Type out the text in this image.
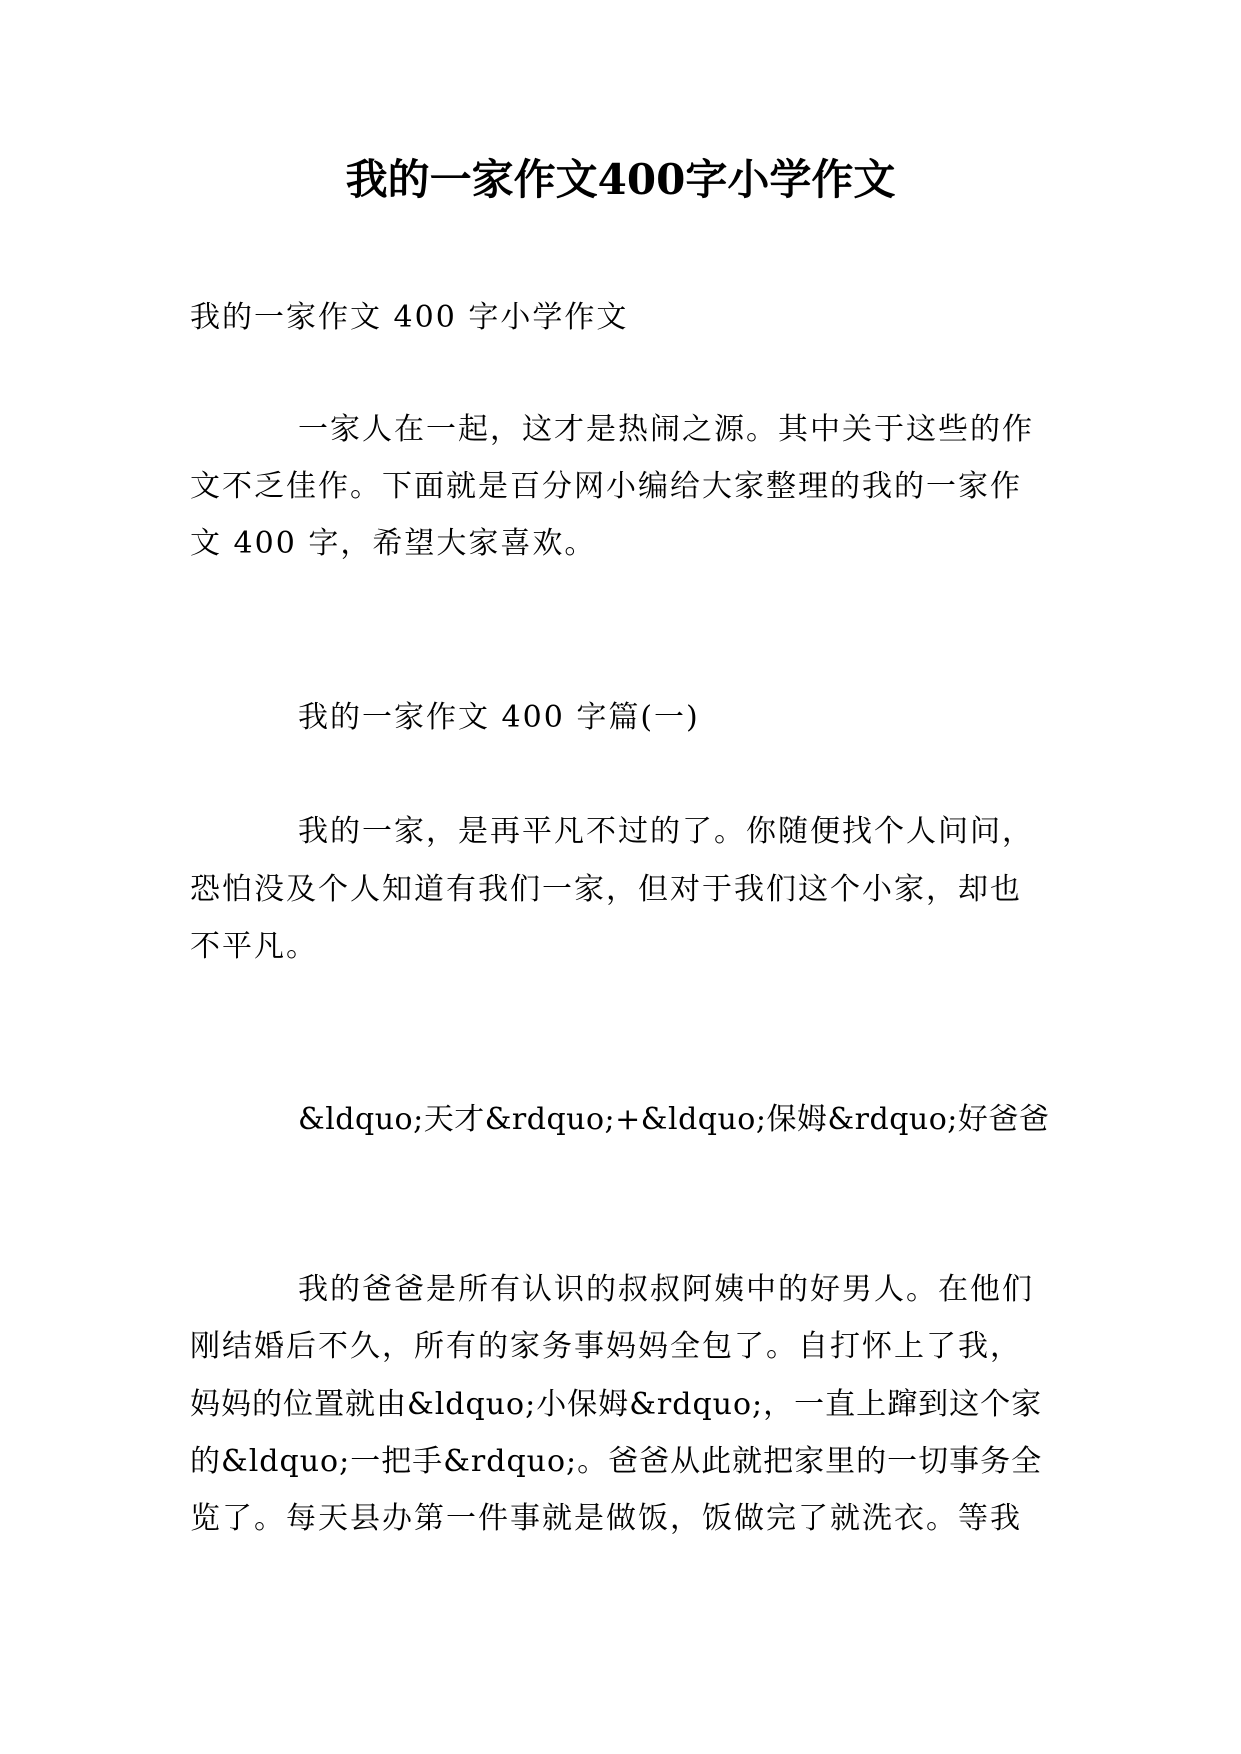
我的一家作文400字小学作文

我的一家作文 400 字小学作文

一家人在一起，这才是热闹之源。其中关于这些的作

文不乏佳作。下面就是百分网小编给大家整理的我的一家作

文 400 字，希望大家喜欢。

我的一家作文 400 字篇(一)

我的一家，是再平凡不过的了。你随便找个人问问，

恐怕没及个人知道有我们一家，但对于我们这个小家，却也

不平凡。

&ldquo;天才&rdquo;+&ldquo;保姆&rdquo;好爸爸

我的爸爸是所有认识的叔叔阿姨中的好男人。在他们

刚结婚后不久，所有的家务事妈妈全包了。自打怀上了我，

妈妈的位置就由&ldquo;小保姆&rdquo;，一直上蹿到这个家

的&ldquo;一把手&rdquo;。爸爸从此就把家里的一切事务全

览了。每天县办第一件事就是做饭，饭做完了就洗衣。等我
